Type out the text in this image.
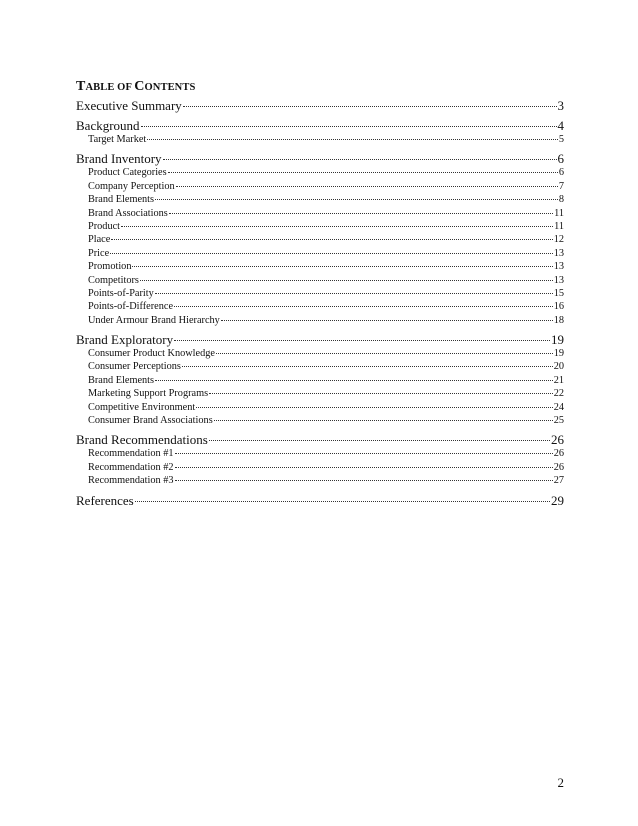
TABLE OF CONTENTS
Executive Summary	3
Background	4
Target Market	5
Brand Inventory	6
Product Categories	6
Company Perception	7
Brand Elements	8
Brand Associations	11
Product	11
Place	12
Price	13
Promotion	13
Competitors	13
Points-of-Parity	15
Points-of-Difference	16
Under Armour Brand Hierarchy	18
Brand Exploratory	19
Consumer Product Knowledge	19
Consumer Perceptions	20
Brand Elements	21
Marketing Support Programs	22
Competitive Environment	24
Consumer Brand Associations	25
Brand Recommendations	26
Recommendation #1	26
Recommendation #2	26
Recommendation #3	27
References	29
2
